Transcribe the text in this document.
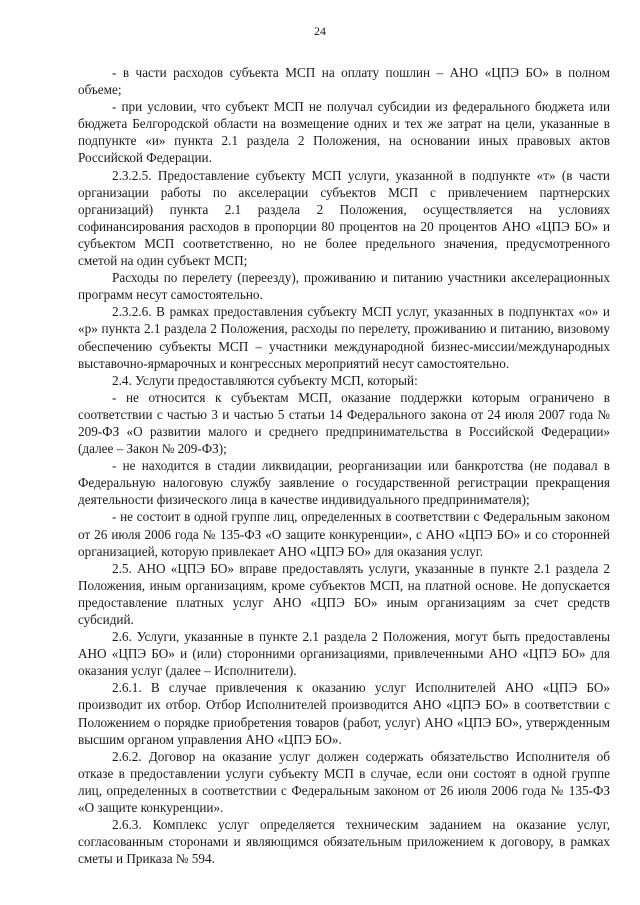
24

- в части расходов субъекта МСП на оплату пошлин – АНО «ЦПЭ БО» в полном объеме;

- при условии, что субъект МСП не получал субсидии из федерального бюджета или бюджета Белгородской области на возмещение одних и тех же затрат на цели, указанные в подпункте «и» пункта 2.1 раздела 2 Положения, на основании иных правовых актов Российской Федерации.

2.3.2.5. Предоставление субъекту МСП услуги, указанной в подпункте «т» (в части организации работы по акселерации субъектов МСП с привлечением партнерских организаций) пункта 2.1 раздела 2 Положения, осуществляется на условиях софинансирования расходов в пропорции 80 процентов на 20 процентов АНО «ЦПЭ БО» и субъектом МСП соответственно, но не более предельного значения, предусмотренного сметой на один субъект МСП;

Расходы по перелету (переезду), проживанию и питанию участники акселерационных программ несут самостоятельно.

2.3.2.6. В рамках предоставления субъекту МСП услуг, указанных в подпунктах «о» и «р» пункта 2.1 раздела 2 Положения, расходы по перелету, проживанию и питанию, визовому обеспечению субъекты МСП – участники международной бизнес-миссии/международных выставочно-ярмарочных и конгрессных мероприятий несут самостоятельно.

2.4. Услуги предоставляются субъекту МСП, который:

- не относится к субъектам МСП, оказание поддержки которым ограничено в соответствии с частью 3 и частью 5 статьи 14 Федерального закона от 24 июля 2007 года № 209-ФЗ «О развитии малого и среднего предпринимательства в Российской Федерации» (далее – Закон № 209-ФЗ);

- не находится в стадии ликвидации, реорганизации или банкротства (не подавал в Федеральную налоговую службу заявление о государственной регистрации прекращения деятельности физического лица в качестве индивидуального предпринимателя);

- не состоит в одной группе лиц, определенных в соответствии с Федеральным законом от 26 июля 2006 года № 135-ФЗ «О защите конкуренции», с АНО «ЦПЭ БО» и со сторонней организацией, которую привлекает АНО «ЦПЭ БО» для оказания услуг.

2.5. АНО «ЦПЭ БО» вправе предоставлять услуги, указанные в пункте 2.1 раздела 2 Положения, иным организациям, кроме субъектов МСП, на платной основе. Не допускается предоставление платных услуг АНО «ЦПЭ БО» иным организациям за счет средств субсидий.

2.6. Услуги, указанные в пункте 2.1 раздела 2 Положения, могут быть предоставлены АНО «ЦПЭ БО» и (или) сторонними организациями, привлеченными АНО «ЦПЭ БО» для оказания услуг (далее – Исполнители).

2.6.1. В случае привлечения к оказанию услуг Исполнителей АНО «ЦПЭ БО» производит их отбор. Отбор Исполнителей производится АНО «ЦПЭ БО» в соответствии с Положением о порядке приобретения товаров (работ, услуг) АНО «ЦПЭ БО», утвержденным высшим органом управления АНО «ЦПЭ БО».

2.6.2. Договор на оказание услуг должен содержать обязательство Исполнителя об отказе в предоставлении услуги субъекту МСП в случае, если они состоят в одной группе лиц, определенных в соответствии с Федеральным законом от 26 июля 2006 года № 135-ФЗ «О защите конкуренции».

2.6.3. Комплекс услуг определяется техническим заданием на оказание услуг, согласованным сторонами и являющимся обязательным приложением к договору, в рамках сметы и Приказа № 594.
